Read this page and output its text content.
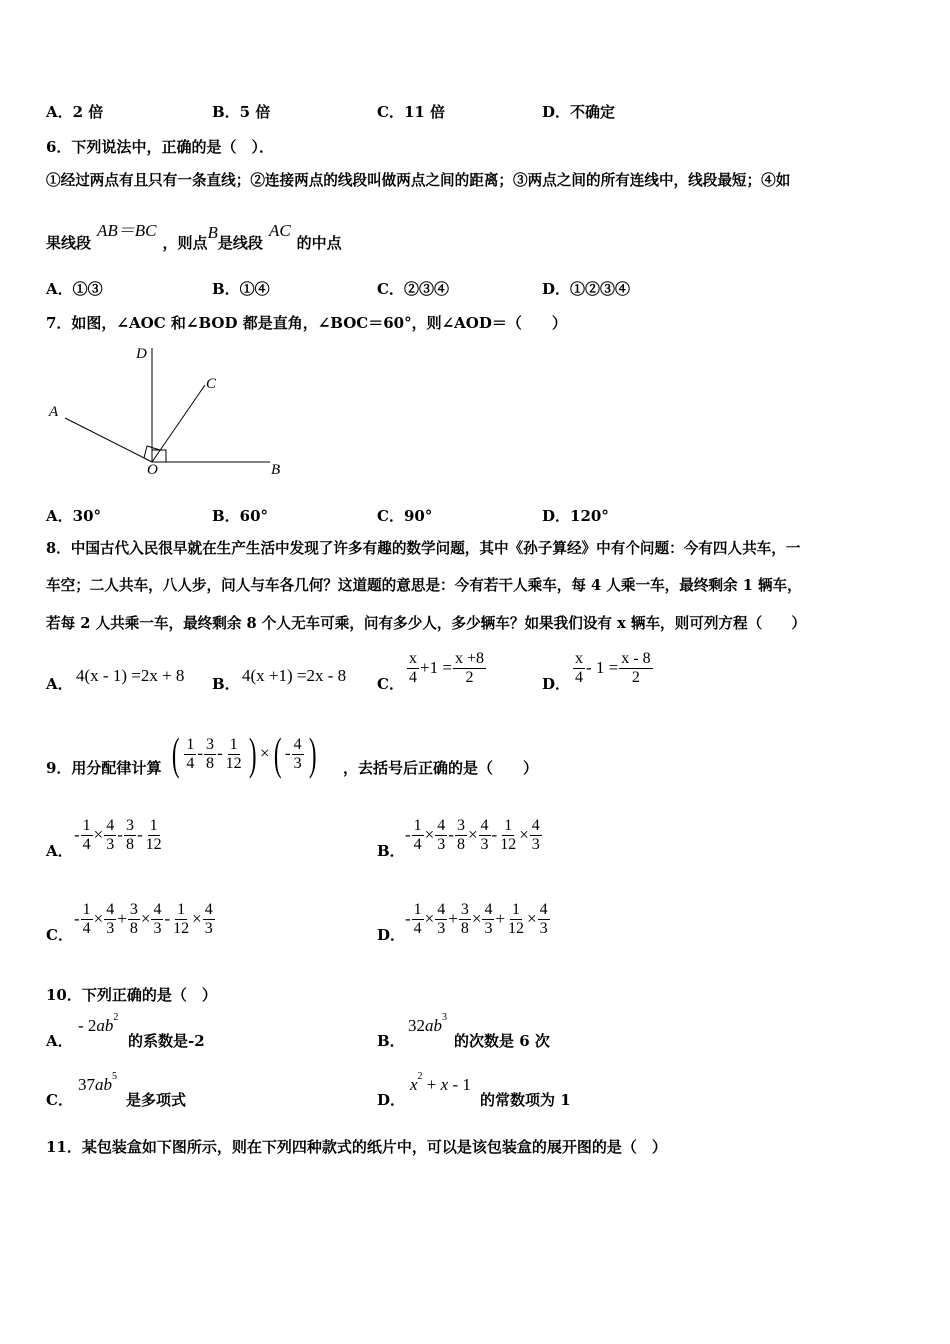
A．2 倍	B．5 倍	C．11 倍	D．不确定
6．下列说法中，正确的是（　）．
①经过两点有且只有一条直线；②连接两点的线段叫做两点之间的距离；③两点之间的所有连线中，线段最短；④如
果线段AB＝BC，则点B是线段AC的中点
A．①③	B．①④	C．②③④	D．①②③④
7．如图，∠AOC 和∠BOD 都是直角，∠BOC＝60°，则∠AOD＝（　　）
D
C
A
O	B
A．30°	B．60°	C．90°	D．120°
8．中国古代入民很早就在生产生活中发现了许多有趣的数学问题，其中《孙子算经》中有个问题：今有四人共车，一
车空；二人共车，八人步，问人与车各几何？这道题的意思是：今有若干人乘车，每 4 人乘一车，最终剩余 1 辆车，
若每 2 人共乘一车，最终剩余 8 个人无车可乘，问有多少人，多少辆车？如果我们设有 x 辆车，则可列方程（　　）
A． 4(x - 1) =2x + 8 B． 4(x +1) =2x - 8 C． $\frac{x}{4} +1 = \frac{x +8}{2}$	D． $\frac{x}{4} - 1 = \frac{x - 8}{2}$
9．用分配律计算 ( $\frac{1}{4} - \frac{3}{8} - \frac{1}{12}$ ) ×( - $\frac{4}{3}$ ) ，去括号后正确的是（　　）
A．
- $\frac{1}{4} \times \frac{4}{3} - \frac{3}{8} - \frac{1}{12}$	B．
- $\frac{1}{4} \times \frac{4}{3} - \frac{3}{8} \times \frac{4}{3} - \frac{1}{12} \times \frac{4}{3}$
C．
- $\frac{1}{4} \times \frac{4}{3} + \frac{3}{8} \times \frac{4}{3} - \frac{1}{12} \times \frac{4}{3}$	D．
- $\frac{1}{4} \times \frac{4}{3} + \frac{3}{8} \times \frac{4}{3} + \frac{1}{12} \times \frac{4}{3}$
10．下列正确的是（　）
A．
- $2ab^2$
的系数是-2	B．
$32ab^3$
的次数是 6 次
C．
$37ab^5$
是多项式	D．
$x^2 + x - 1$
的常数项为 1
11．某包装盒如下图所示，则在下列四种款式的纸片中，可以是该包装盒的展开图的是（　）
